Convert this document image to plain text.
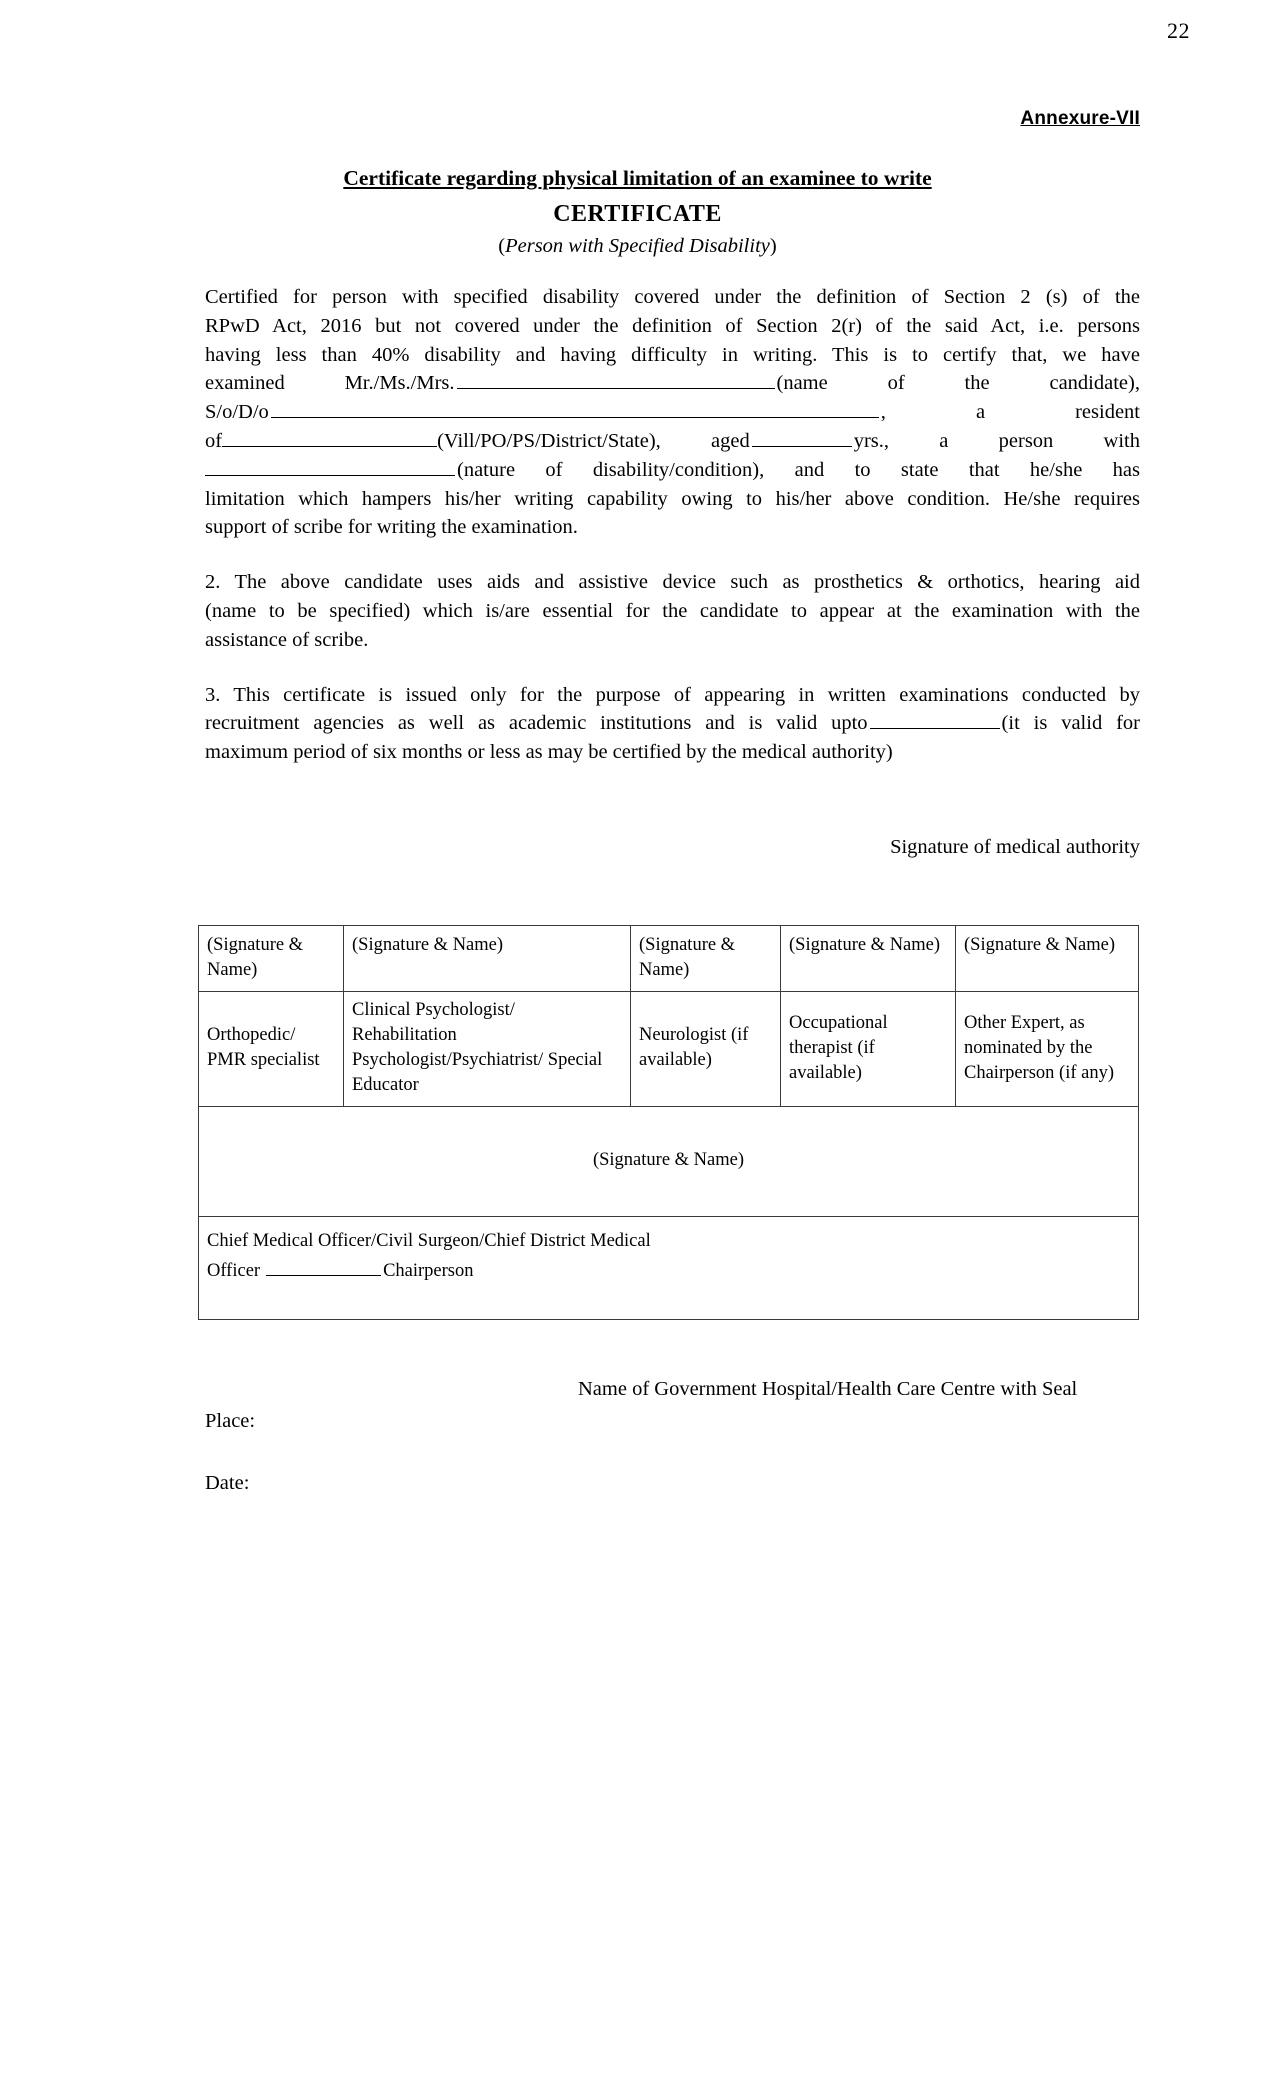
22
Annexure-VII
Certificate regarding physical limitation of an examinee to write
CERTIFICATE
(Person with Specified Disability)
Certified for person with specified disability covered under the definition of Section 2 (s) of the
RPwD Act, 2016 but not covered under the definition of Section 2(r) of the said Act, i.e. persons
having less than 40% disability and having difficulty in writing. This is to certify that, we have
examined Mr./Ms./Mrs.	(name of the candidate),
S/o/D/o	, a resident
of	(Vill/PO/PS/District/State), aged	yrs., a person with
(nature of disability/condition), and to state that he/she has
limitation which hampers his/her writing capability owing to his/her above condition. He/she requires
support of scribe for writing the examination.
2. The above candidate uses aids and assistive device such as prosthetics & orthotics, hearing aid
(name to be specified) which is/are essential for the candidate to appear at the examination with the
assistance of scribe.
3. This certificate is issued only for the purpose of appearing in written examinations conducted by
recruitment agencies as well as academic institutions and is valid upto	(it is valid for
maximum period of six months or less as may be certified by the medical authority)
Signature of medical authority
(Signature & Name)	(Signature & Name)	(Signature & Name)	(Signature & Name)	(Signature & Name)
Orthopedic/ PMR specialist	Clinical Psychologist/ Rehabilitation Psychologist/Psychiatrist/ Special Educator	Neurologist (if available)	Occupational therapist (if available)	Other Expert, as nominated by the Chairperson (if any)
(Signature & Name)				
Chief Medical Officer/Civil Surgeon/Chief District Medical
Officer Chairperson				
Name of Government Hospital/Health Care Centre with Seal
Place:
Date:
